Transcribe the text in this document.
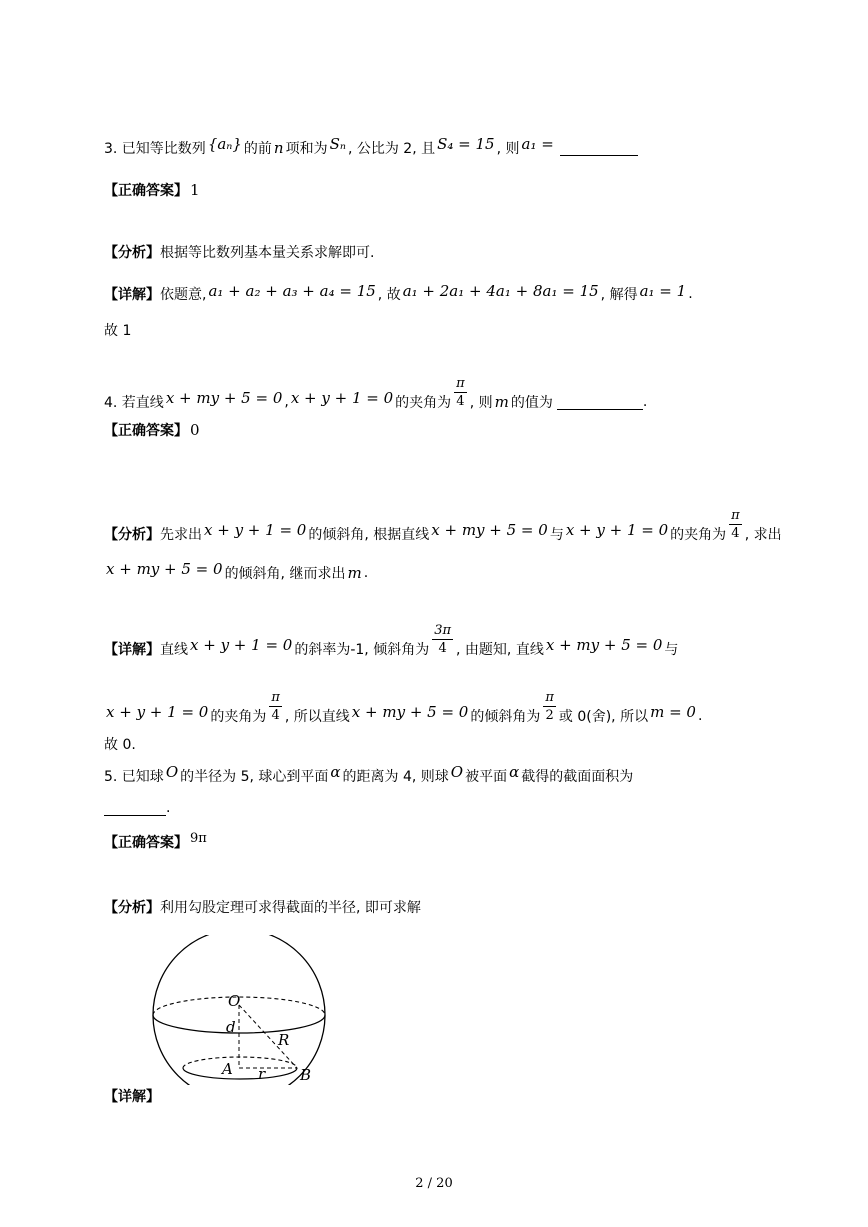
3. 已知等比数列 {aₙ} 的前 n 项和为 Sₙ , 公比为 2, 且 S₄ = 15 , 则 a₁ =
【正确答案】 1
【分析】 根据等比数列基本量关系求解即可.
【详解】 依题意, a₁ + a₂ + a₃ + a₄ = 15 , 故 a₁ + 2a₁ + 4a₁ + 8a₁ = 15 , 解得 a₁ = 1 .
故 1
4. 若直线 x + my + 5 = 0 , x + y + 1 = 0 的夹角为 $\frac{\pi}{4}$ , 则 m 的值为	.
【正确答案】 0
【分析】 先求出 x + y + 1 = 0 的倾斜角, 根据直线 x + my + 5 = 0 与 x + y + 1 = 0 的夹角为 $\frac{\pi}{4}$ , 求出
x + my + 5 = 0 的倾斜角, 继而求出 m .
【详解】 直线 x + y + 1 = 0 的斜率为-1, 倾斜角为 $\frac{3\pi}{4}$ , 由题知, 直线 x + my + 5 = 0 与
x + y + 1 = 0 的夹角为 $\frac{\pi}{4}$ , 所以直线 x + my + 5 = 0 的倾斜角为 $\frac{\pi}{2}$ 或 0(舍), 所以 m = 0 .
故 0.
5. 已知球 O 的半径为 5, 球心到平面 α 的距离为 4, 则球 O 被平面 α 截得的截面面积为
.
【正确答案】 9π
【分析】 利用勾股定理可求得截面的半径, 即可求解
O
d
R
A r B
【详解】
2 / 20
